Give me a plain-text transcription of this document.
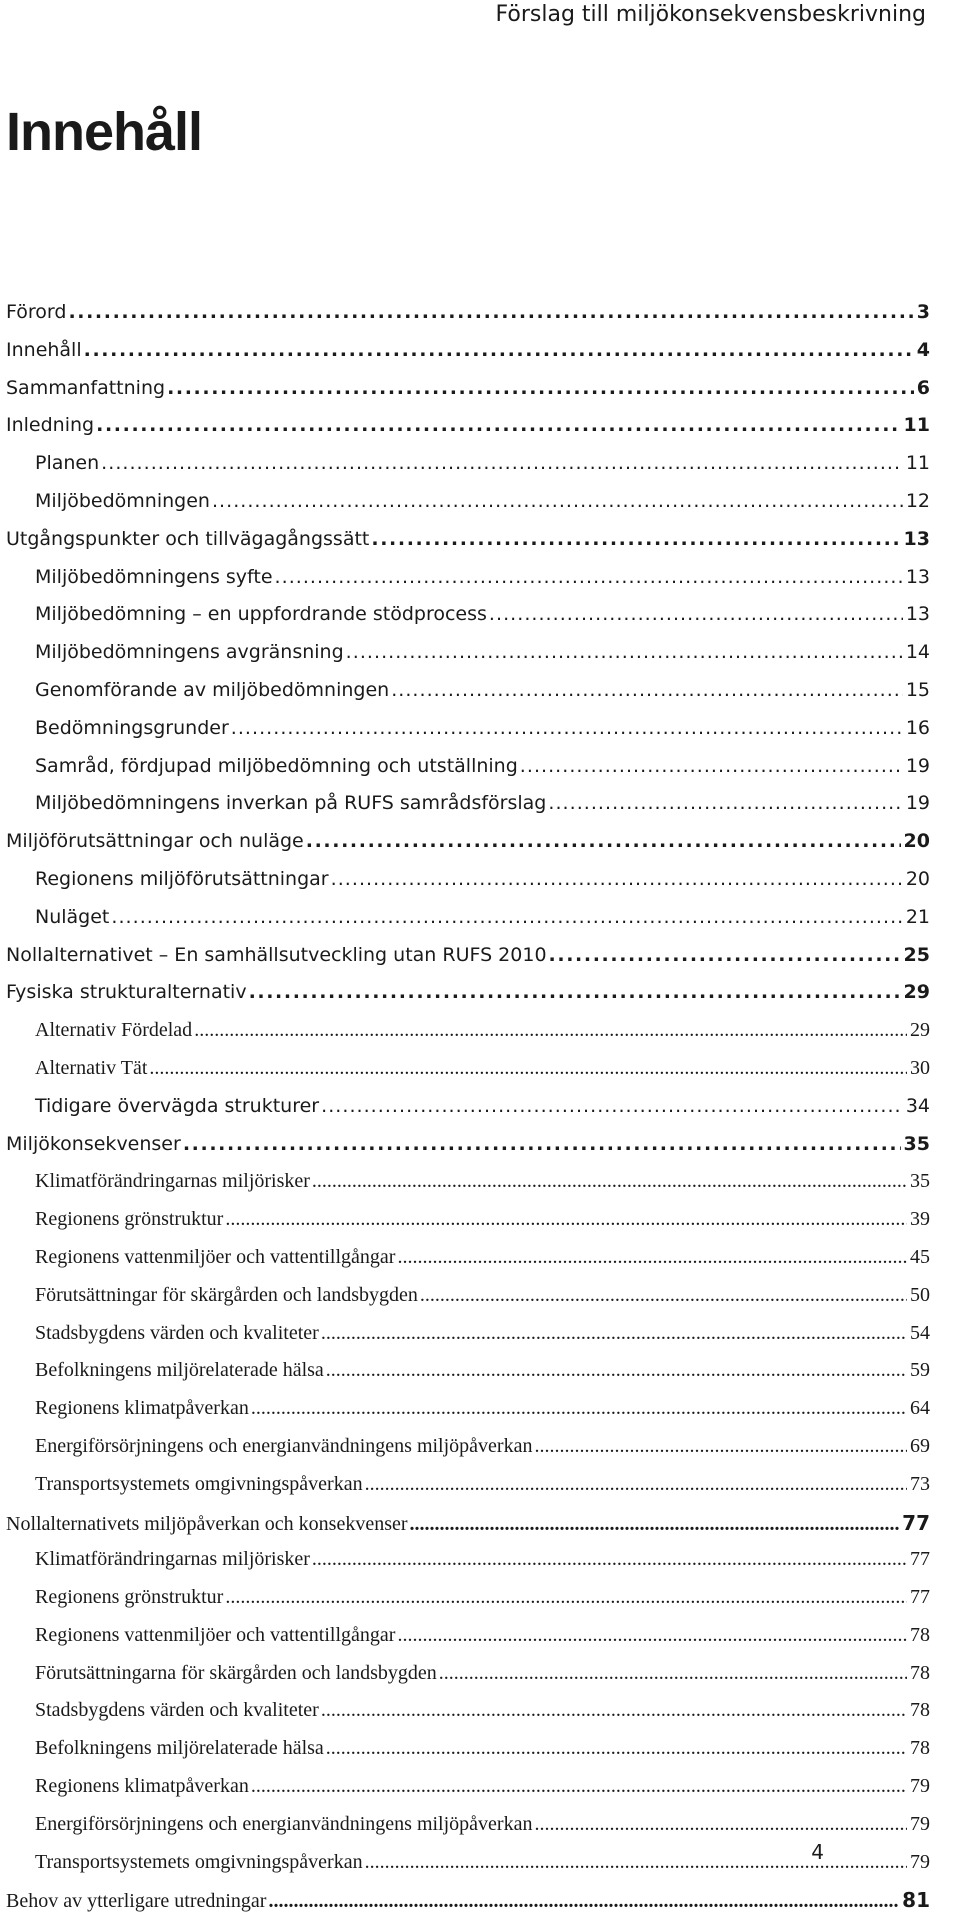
Förslag till miljökonsekvensbeskrivning
Innehåll
Förord . . .	3
Innehåll . . .	4
Sammanfattning . . .	6
Inledning . . .	11
Planen . . .	11
Miljöbedömningen . . .	12
Utgångspunkter och tillvägagångssätt . . .	13
Miljöbedömningens syfte . . .	13
Miljöbedömning – en uppfordrande stödprocess . . .	13
Miljöbedömningens avgränsning . . .	14
Genomförande av miljöbedömningen . . .	15
Bedömningsgrunder . . .	16
Samråd, fördjupad miljöbedömning och utställning . . .	19
Miljöbedömningens inverkan på RUFS samrådsförslag . . .	19
Miljöförutsättningar och nuläge . . .	20
Regionens miljöförutsättningar . . .	20
Nuläget . . .	21
Nollalternativet – En samhällsutveckling utan RUFS 2010 . . .	25
Fysiska strukturalternativ . . .	29
Alternativ Fördelad . . .	29
Alternativ Tät . . .	30
Tidigare övervägda strukturer . . .	34
Miljökonsekvenser . . .	35
Klimatförändringarnas miljörisker . . .	35
Regionens grönstruktur . . .	39
Regionens vattenmiljöer och vattentillgångar . . .	45
Förutsättningar för skärgården och landsbygden . . .	50
Stadsbygdens värden och kvaliteter . . .	54
Befolkningens miljörelaterade hälsa . . .	59
Regionens klimatpåverkan . . .	64
Energiförsörjningens och energianvändningens miljöpåverkan . . .	69
Transportsystemets omgivningspåverkan . . .	73
Nollalternativets miljöpåverkan och konsekvenser . . .	77
Klimatförändringarnas miljörisker . . .	77
Regionens grönstruktur . . .	77
Regionens vattenmiljöer och vattentillgångar . . .	78
Förutsättningarna för skärgården och landsbygden . . .	78
Stadsbygdens värden och kvaliteter . . .	78
Befolkningens miljörelaterade hälsa . . .	78
Regionens klimatpåverkan . . .	79
Energiförsörjningens och energianvändningens miljöpåverkan . . .	79
Transportsystemets omgivningspåverkan . . .	79
Behov av ytterligare utredningar . . .	81
4
